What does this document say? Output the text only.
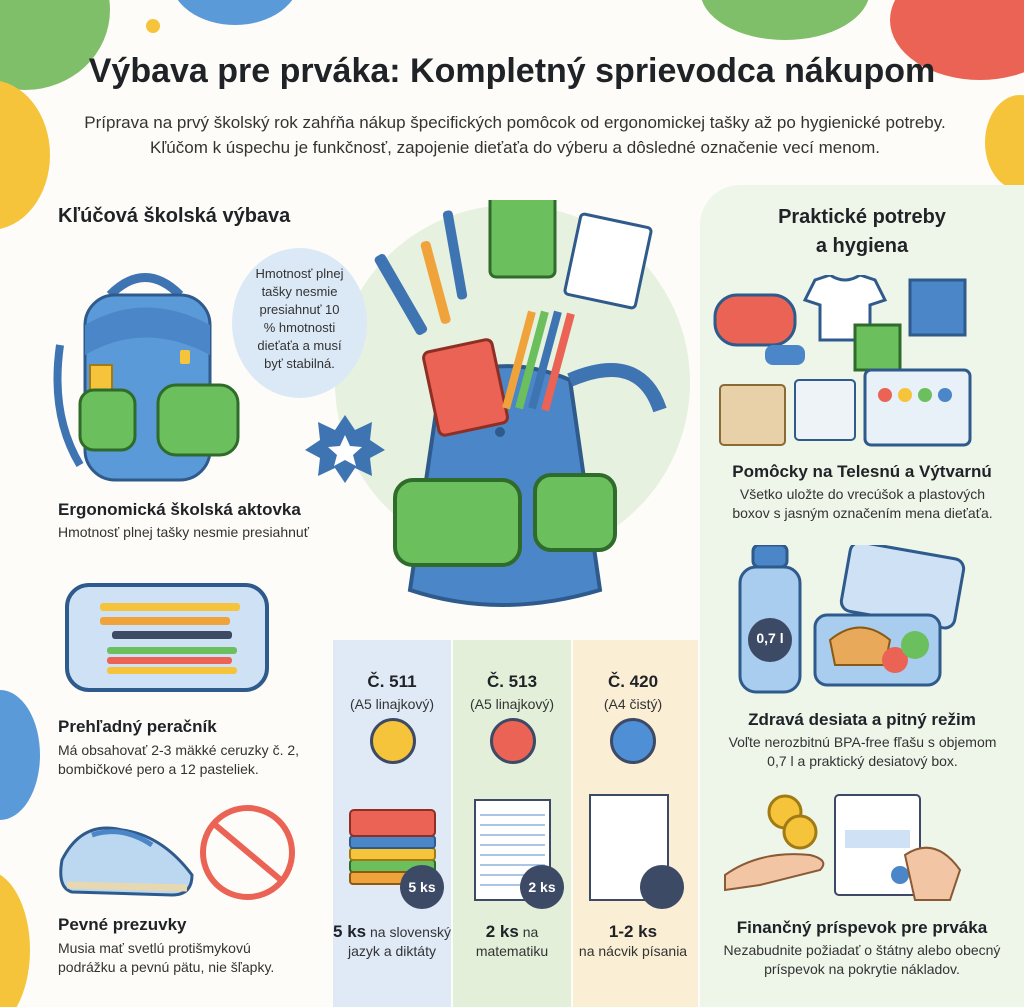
Výbava pre prváka: Kompletný sprievodca nákupom

Príprava na prvý školský rok zahŕňa nákup špecifických pomôcok od ergonomickej tašky až po hygienické potreby. Kľúčom k úspechu je funkčnosť, zapojenie dieťaťa do výberu a dôsledné označenie vecí menom.

Kľúčová školská výbava
Hmotnosť plnej tašky nesmie presiahnuť 10 % hmotnosti dieťaťa a musí byť stabilná.
Ergonomická školská aktovka
Hmotnosť plnej tašky nesmie presiahnuť
Prehľadný peračník
Má obsahovať 2-3 mäkké ceruzky č. 2, bombičkové pero a 12 pasteliek.
Pevné prezuvky
Musia mať svetlú protišmykovú podrážku a pevnú pätu, nie šľapky.
Č. 511
(A5 linajkový)
5 ks
5 ks na slovenský jazyk a diktáty
Č. 513
(A5 linajkový)
2 ks
2 ks na matematiku
Č. 420
(A4 čistý)
1-2 ks
na nácvik písania
Praktické potreby
a hygiena
Pomôcky na Telesnú a Výtvarnú
Všetko uložte do vrecúšok a plastových boxov s jasným označením mena dieťaťa.
0,7 l
Zdravá desiata a pitný režim
Voľte nerozbitnú BPA-free fľašu s objemom 0,7 l a praktický desiatový box.
Finančný príspevok pre prváka
Nezabudnite požiadať o štátny alebo obecný príspevok na pokrytie nákladov.
